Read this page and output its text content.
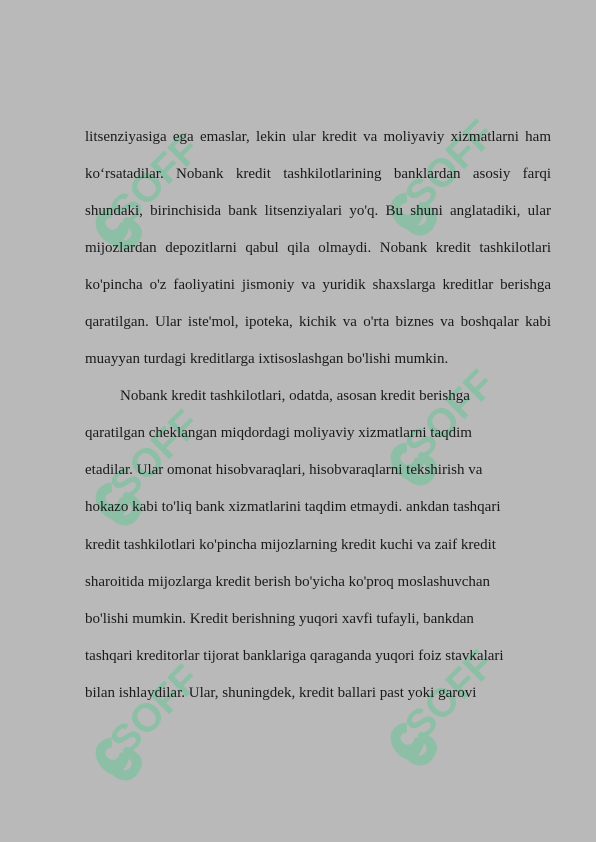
SOFF	SOFF
SOFF	SOFF
SOFF	SOFF
litsenziyasiga ega emaslar, lekin ular kredit va moliyaviy xizmatlarni ham
ko‘rsatadilar. Nobank kredit tashkilotlarining banklardan asosiy farqi
shundaki, birinchisida bank litsenziyalari yo'q. Bu shuni anglatadiki, ular
mijozlardan depozitlarni qabul qila olmaydi. Nobank kredit tashkilotlari
ko'pincha o'z faoliyatini jismoniy va yuridik shaxslarga kreditlar berishga
qaratilgan. Ular iste'mol, ipoteka, kichik va o'rta biznes va boshqalar kabi
muayyan turdagi kreditlarga ixtisoslashgan bo'lishi mumkin.
Nobank kredit tashkilotlari, odatda, asosan kredit berishga
qaratilgan cheklangan miqdordagi moliyaviy xizmatlarni taqdim
etadilar. Ular omonat hisobvaraqlari, hisobvaraqlarni tekshirish va
hokazo kabi to'liq bank xizmatlarini taqdim etmaydi. ankdan tashqari
kredit tashkilotlari ko'pincha mijozlarning kredit kuchi va zaif kredit
sharoitida mijozlarga kredit berish bo'yicha ko'proq moslashuvchan
bo'lishi mumkin. Kredit berishning yuqori xavfi tufayli, bankdan
tashqari kreditorlar tijorat banklariga qaraganda yuqori foiz stavkalari
bilan ishlaydilar. Ular, shuningdek, kredit ballari past yoki garovi
